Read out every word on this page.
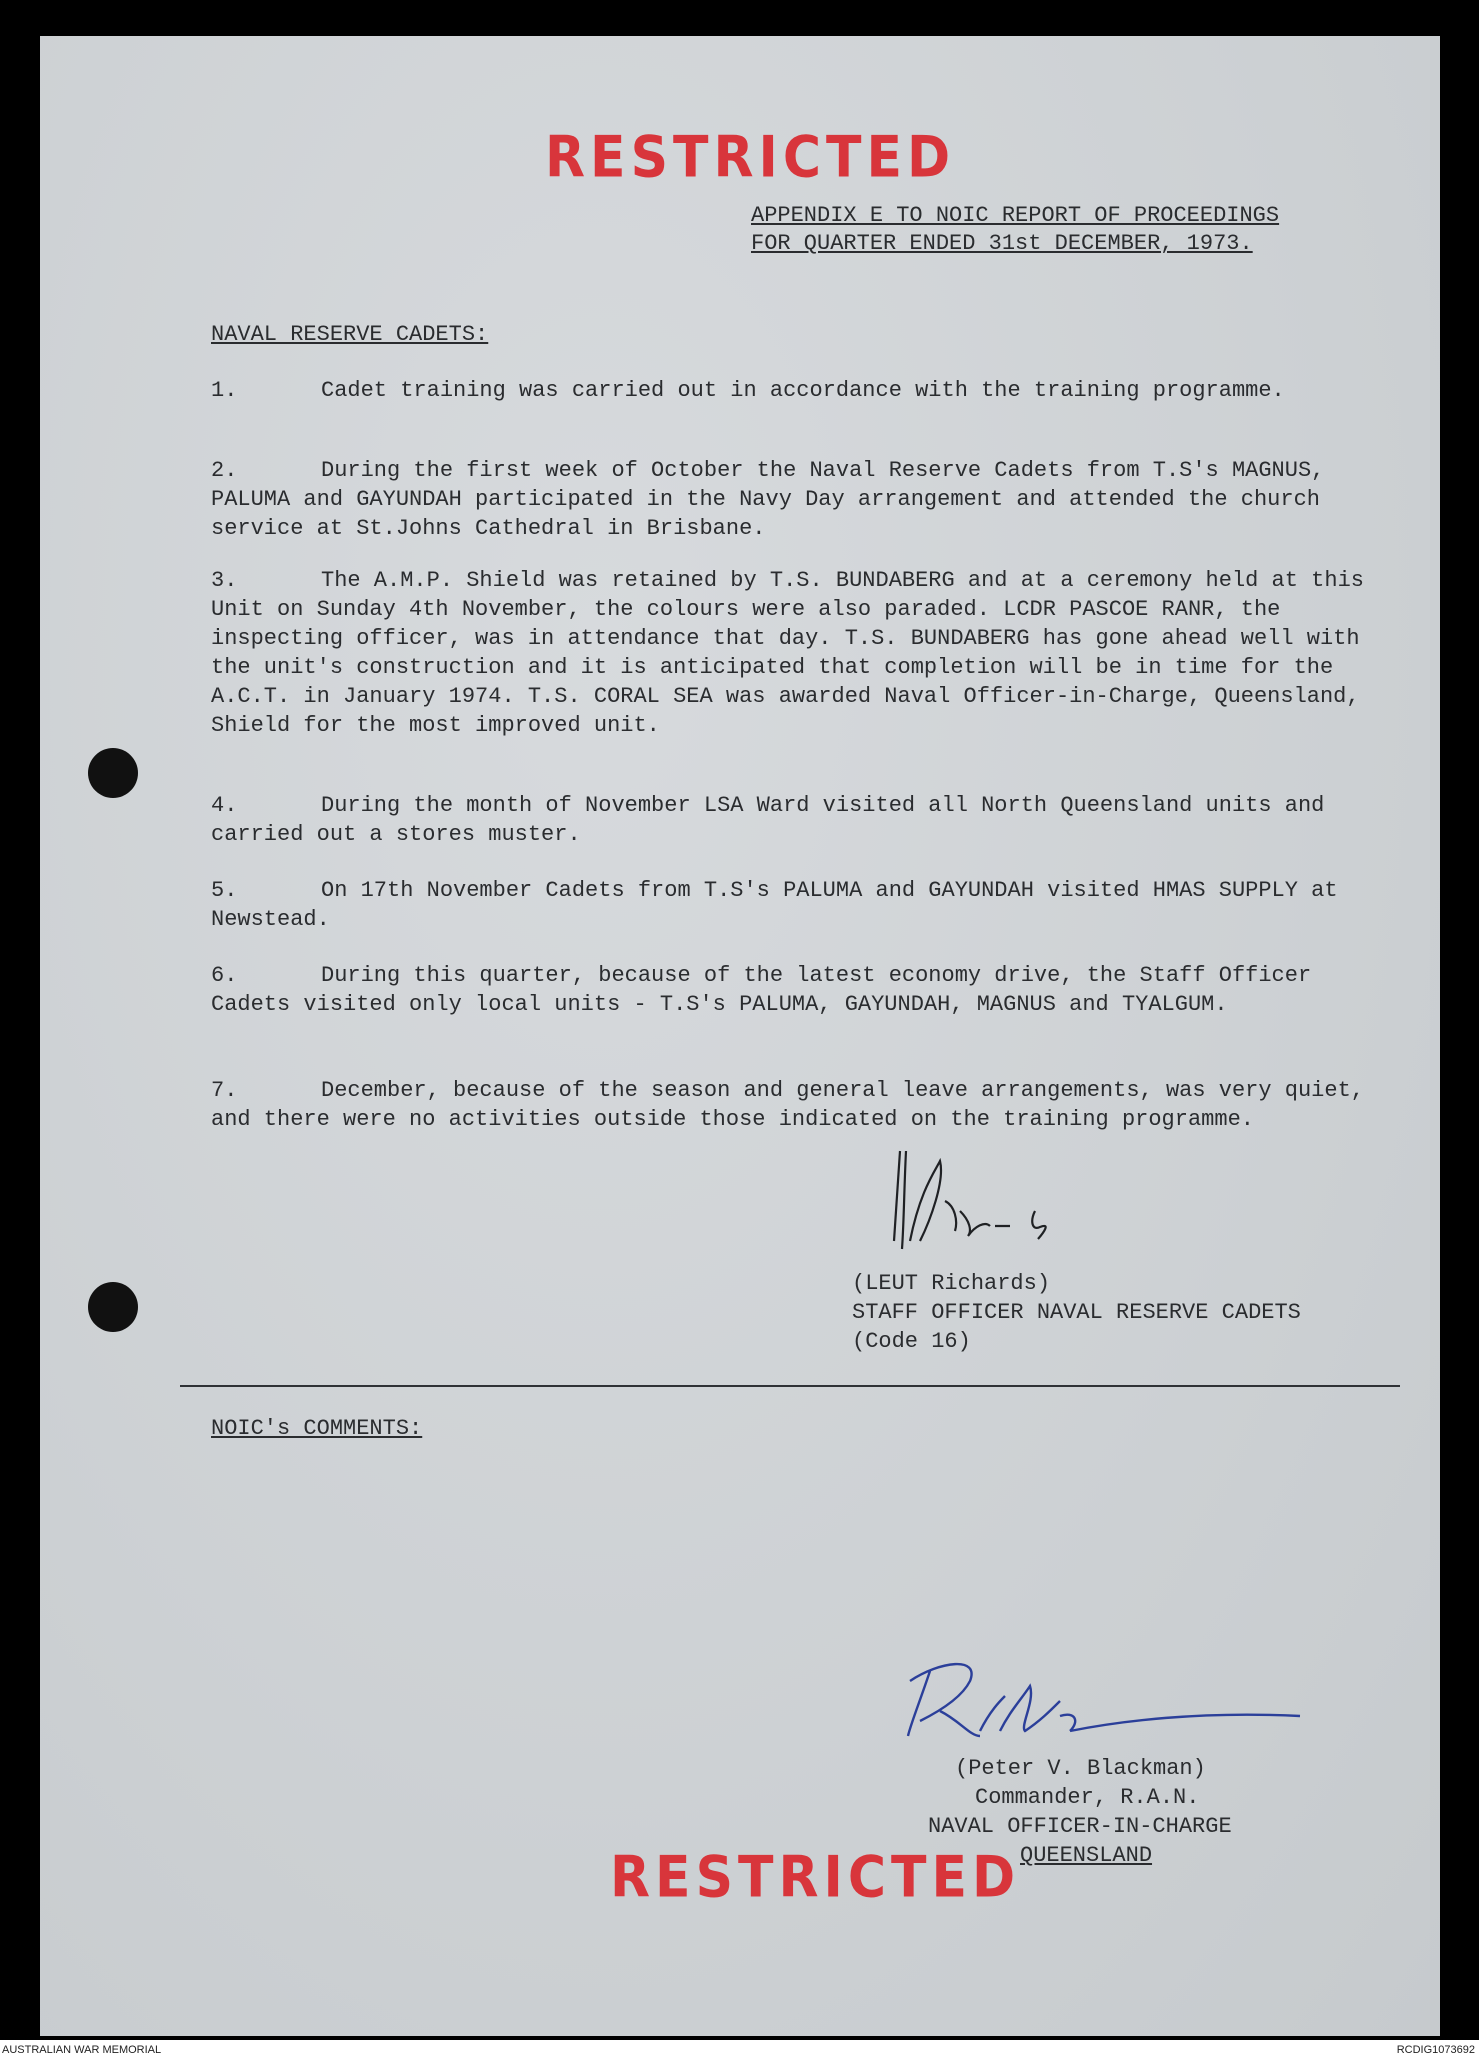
RESTRICTED
APPENDIX E TO NOIC REPORT OF PROCEEDINGS
FOR QUARTER ENDED 31st DECEMBER, 1973.
NAVAL RESERVE CADETS:
1.	Cadet training was carried out in accordance with the training programme.
2.	During the first week of October the Naval Reserve Cadets from T.S's MAGNUS, PALUMA and GAYUNDAH participated in the Navy Day arrangement and attended the church service at St.Johns Cathedral in Brisbane.
3.	The A.M.P. Shield was retained by T.S. BUNDABERG and at a ceremony held at this Unit on Sunday 4th November, the colours were also paraded. LCDR PASCOE RANR, the inspecting officer, was in attendance that day. T.S. BUNDABERG has gone ahead well with the unit's construction and it is anticipated that completion will be in time for the A.C.T. in January 1974. T.S. CORAL SEA was awarded Naval Officer-in-Charge, Queensland, Shield for the most improved unit.
4.	During the month of November LSA Ward visited all North Queensland units and carried out a stores muster.
5.	On 17th November Cadets from T.S's PALUMA and GAYUNDAH visited HMAS SUPPLY at Newstead.
6.	During this quarter, because of the latest economy drive, the Staff Officer Cadets visited only local units - T.S's PALUMA, GAYUNDAH, MAGNUS and TYALGUM.
7.	December, because of the season and general leave arrangements, was very quiet, and there were no activities outside those indicated on the training programme.
(LEUT Richards)
STAFF OFFICER NAVAL RESERVE CADETS
(Code 16)
NOIC's COMMENTS:
(Peter V. Blackman)
Commander, R.A.N.
NAVAL OFFICER-IN-CHARGE
QUEENSLAND
RESTRICTED
AUSTRALIAN WAR MEMORIAL	RCDIG1073692
